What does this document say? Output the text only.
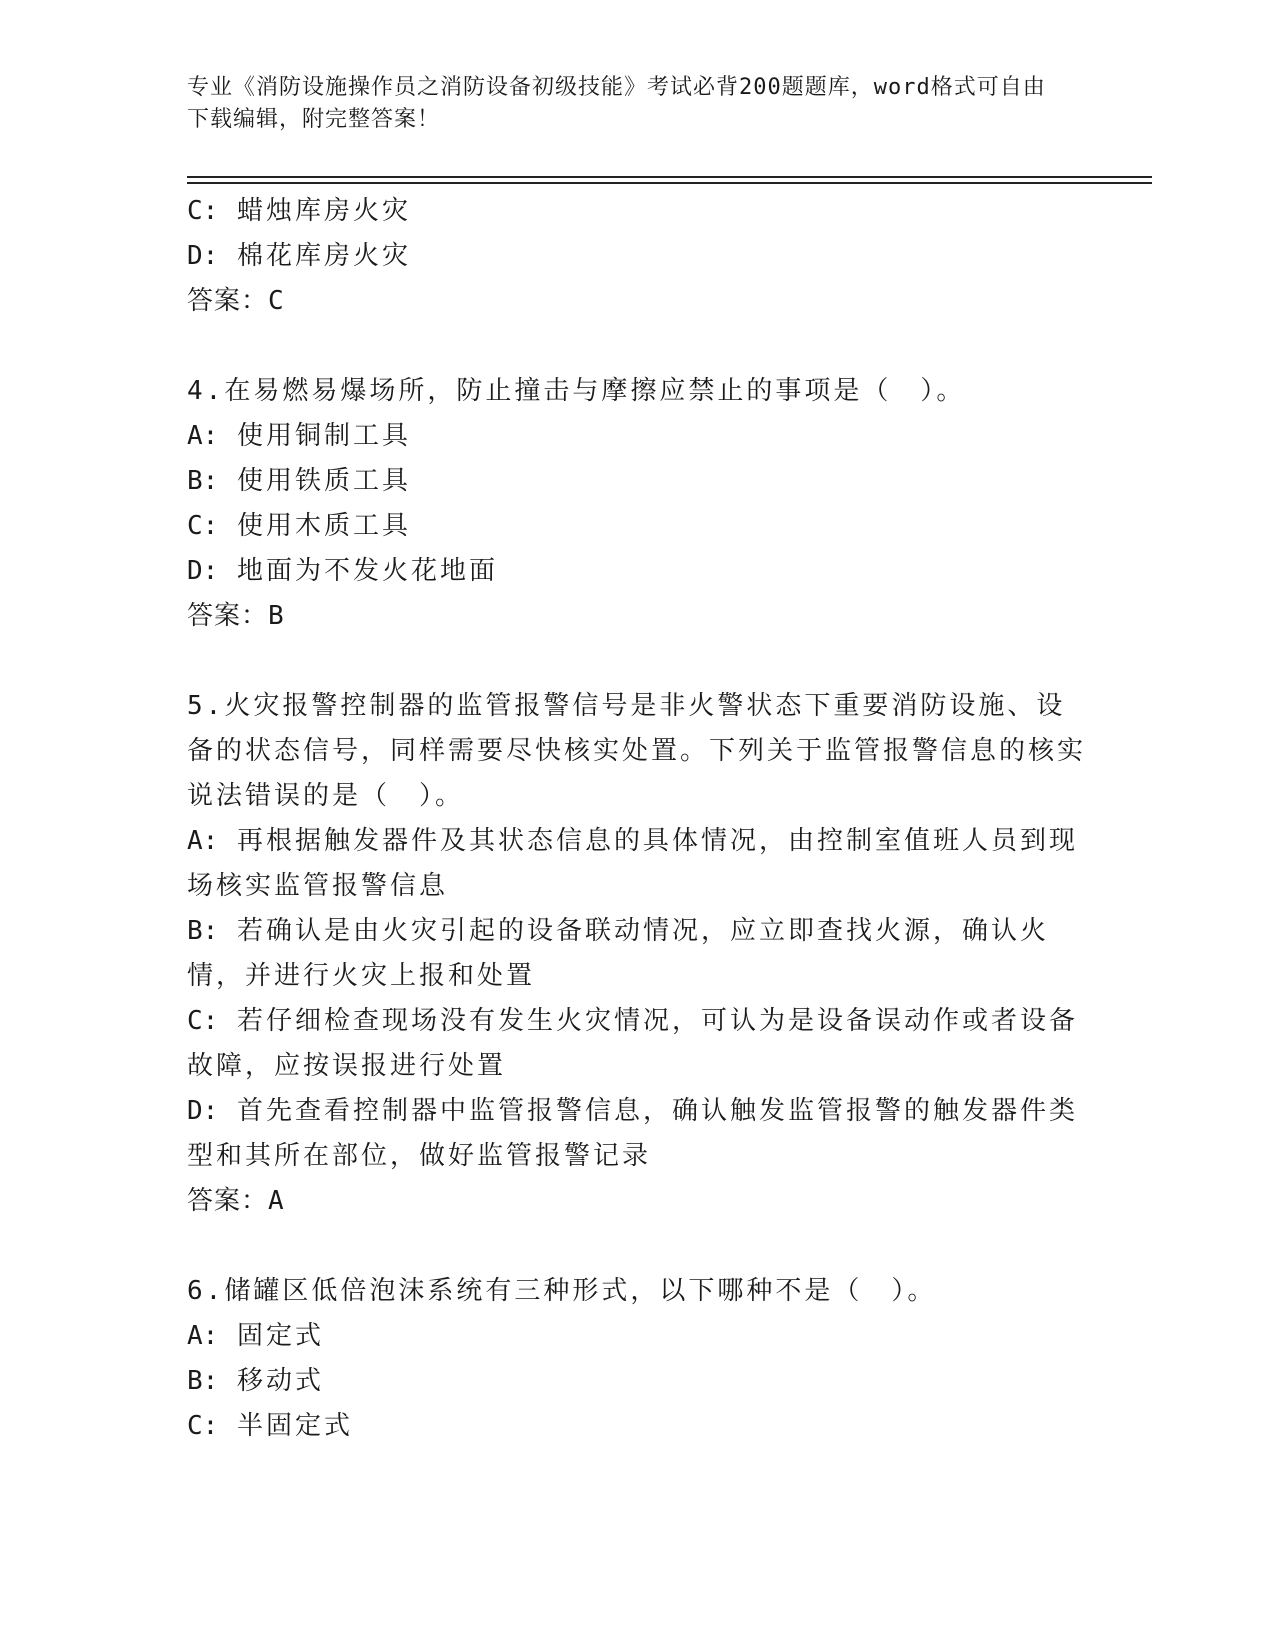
专业《消防设施操作员之消防设备初级技能》考试必背200题题库，word格式可自由下载编辑，附完整答案！
C: 蜡烛库房火灾
D: 棉花库房火灾
答案：C
4.在易燃易爆场所，防止撞击与摩擦应禁止的事项是（　）。
A: 使用铜制工具
B: 使用铁质工具
C: 使用木质工具
D: 地面为不发火花地面
答案：B
5.火灾报警控制器的监管报警信号是非火警状态下重要消防设施、设备的状态信号，同样需要尽快核实处置。下列关于监管报警信息的核实说法错误的是（　）。
A: 再根据触发器件及其状态信息的具体情况，由控制室值班人员到现场核实监管报警信息
B: 若确认是由火灾引起的设备联动情况，应立即查找火源，确认火情，并进行火灾上报和处置
C: 若仔细检查现场没有发生火灾情况，可认为是设备误动作或者设备故障，应按误报进行处置
D: 首先查看控制器中监管报警信息，确认触发监管报警的触发器件类型和其所在部位，做好监管报警记录
答案：A
6.储罐区低倍泡沫系统有三种形式，以下哪种不是（　）。
A: 固定式
B: 移动式
C: 半固定式
